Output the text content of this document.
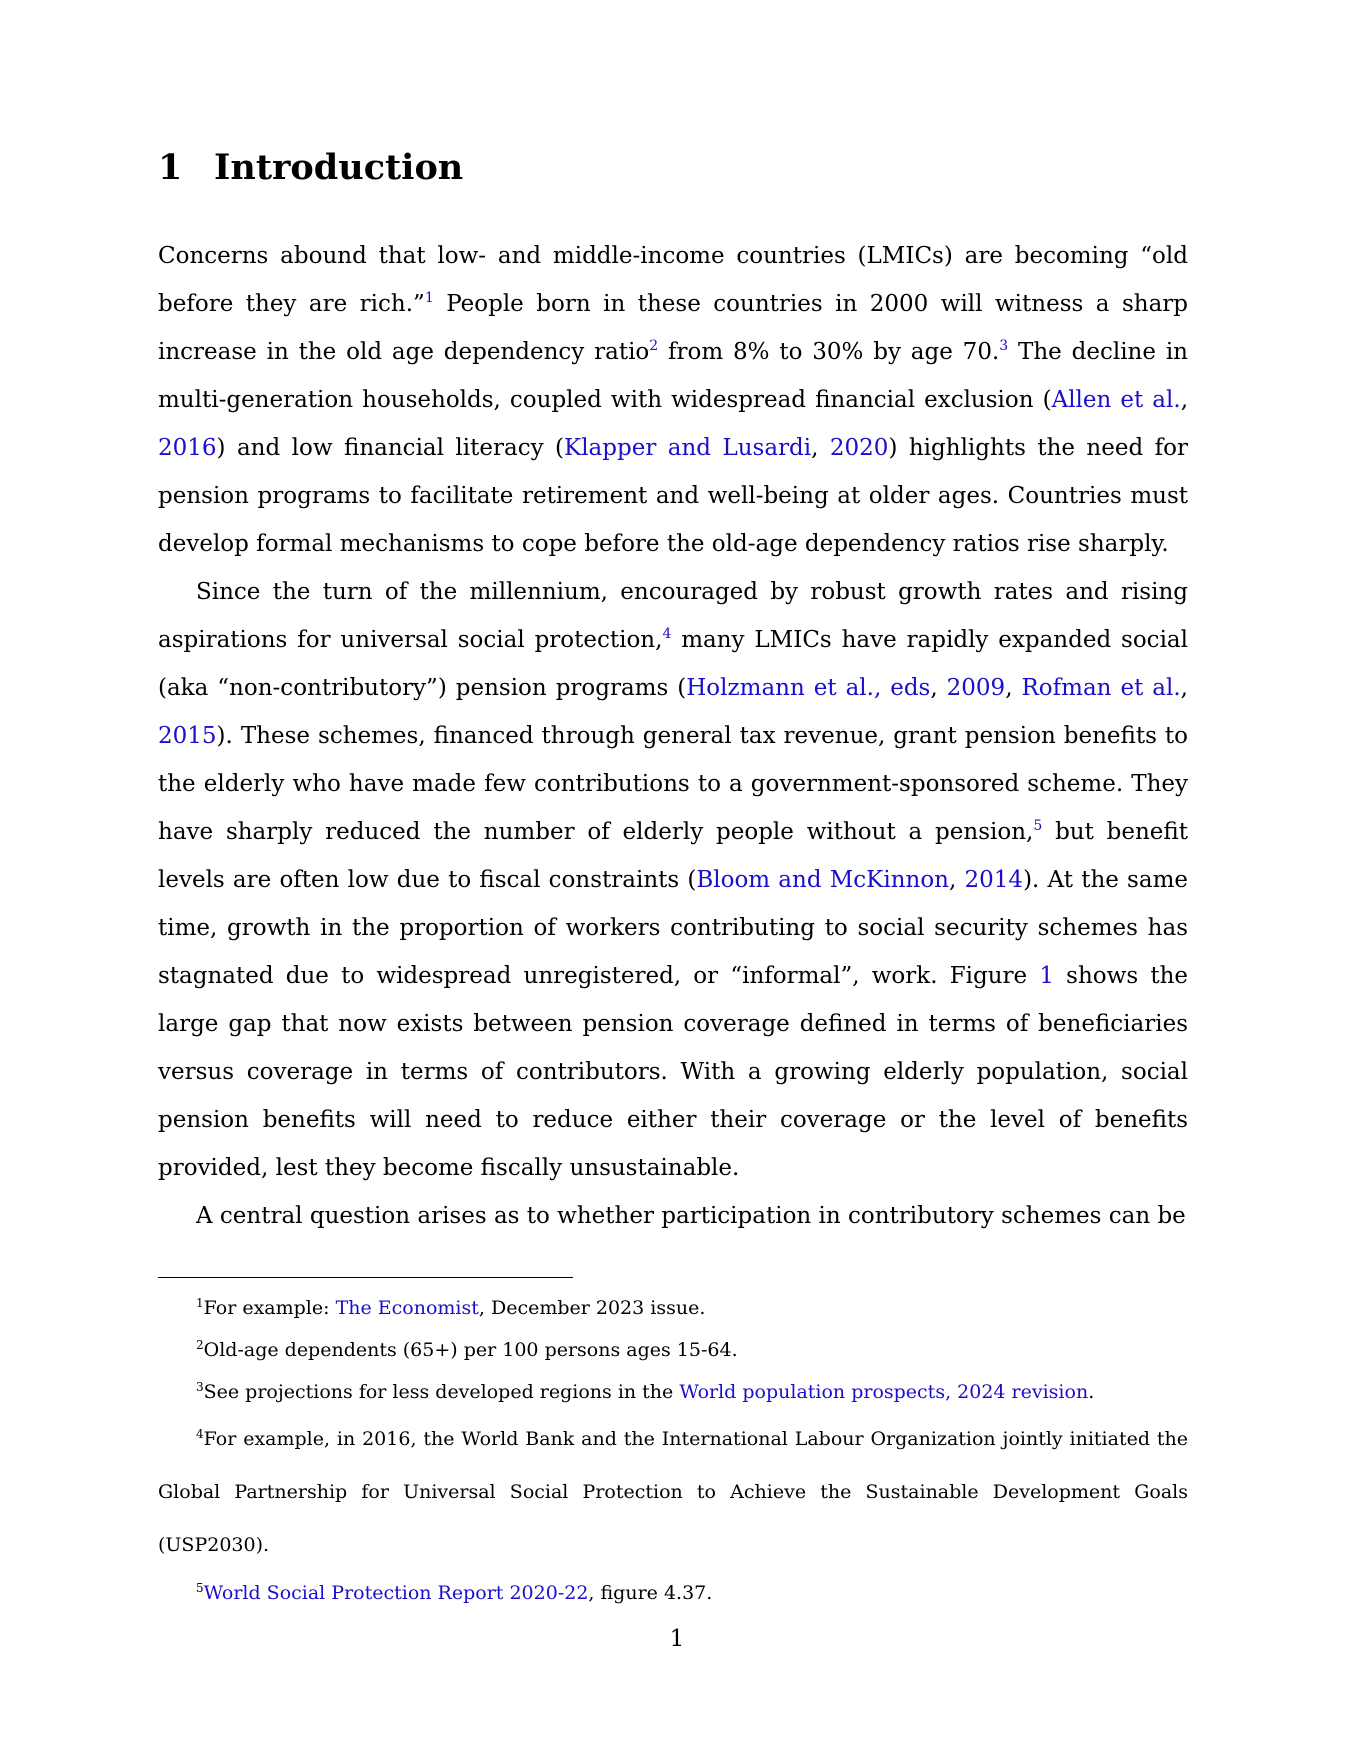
1 Introduction

Concerns abound that low- and middle-income countries (LMICs) are becoming “old before they are rich.”$^1$ People born in these countries in 2000 will witness a sharp increase in the old age dependency ratio$^2$ from 8% to 30% by age 70.$^3$ The decline in multi-generation households, coupled with widespread financial exclusion (Allen et al., 2016) and low financial literacy (Klapper and Lusardi, 2020) highlights the need for pension programs to facilitate retirement and well-being at older ages. Countries must develop formal mechanisms to cope before the old-age dependency ratios rise sharply.

Since the turn of the millennium, encouraged by robust growth rates and rising aspirations for universal social protection,$^4$ many LMICs have rapidly expanded social (aka “non-contributory”) pension programs (Holzmann et al., eds, 2009, Rofman et al., 2015). These schemes, financed through general tax revenue, grant pension benefits to the elderly who have made few contributions to a government-sponsored scheme. They have sharply reduced the number of elderly people without a pension,$^5$ but benefit levels are often low due to fiscal constraints (Bloom and McKinnon, 2014). At the same time, growth in the proportion of workers contributing to social security schemes has stagnated due to widespread unregistered, or “informal”, work. Figure 1 shows the large gap that now exists between pension coverage defined in terms of beneficiaries versus coverage in terms of contributors. With a growing elderly population, social pension benefits will need to reduce either their coverage or the level of benefits provided, lest they become fiscally unsustainable.

A central question arises as to whether participation in contributory schemes can be

$^1$For example: The Economist, December 2023 issue.

$^2$Old-age dependents (65+) per 100 persons ages 15-64.

$^3$See projections for less developed regions in the World population prospects, 2024 revision.

$^4$For example, in 2016, the World Bank and the International Labour Organization jointly initiated the Global Partnership for Universal Social Protection to Achieve the Sustainable Development Goals (USP2030).

$^5$World Social Protection Report 2020-22, figure 4.37.

1
